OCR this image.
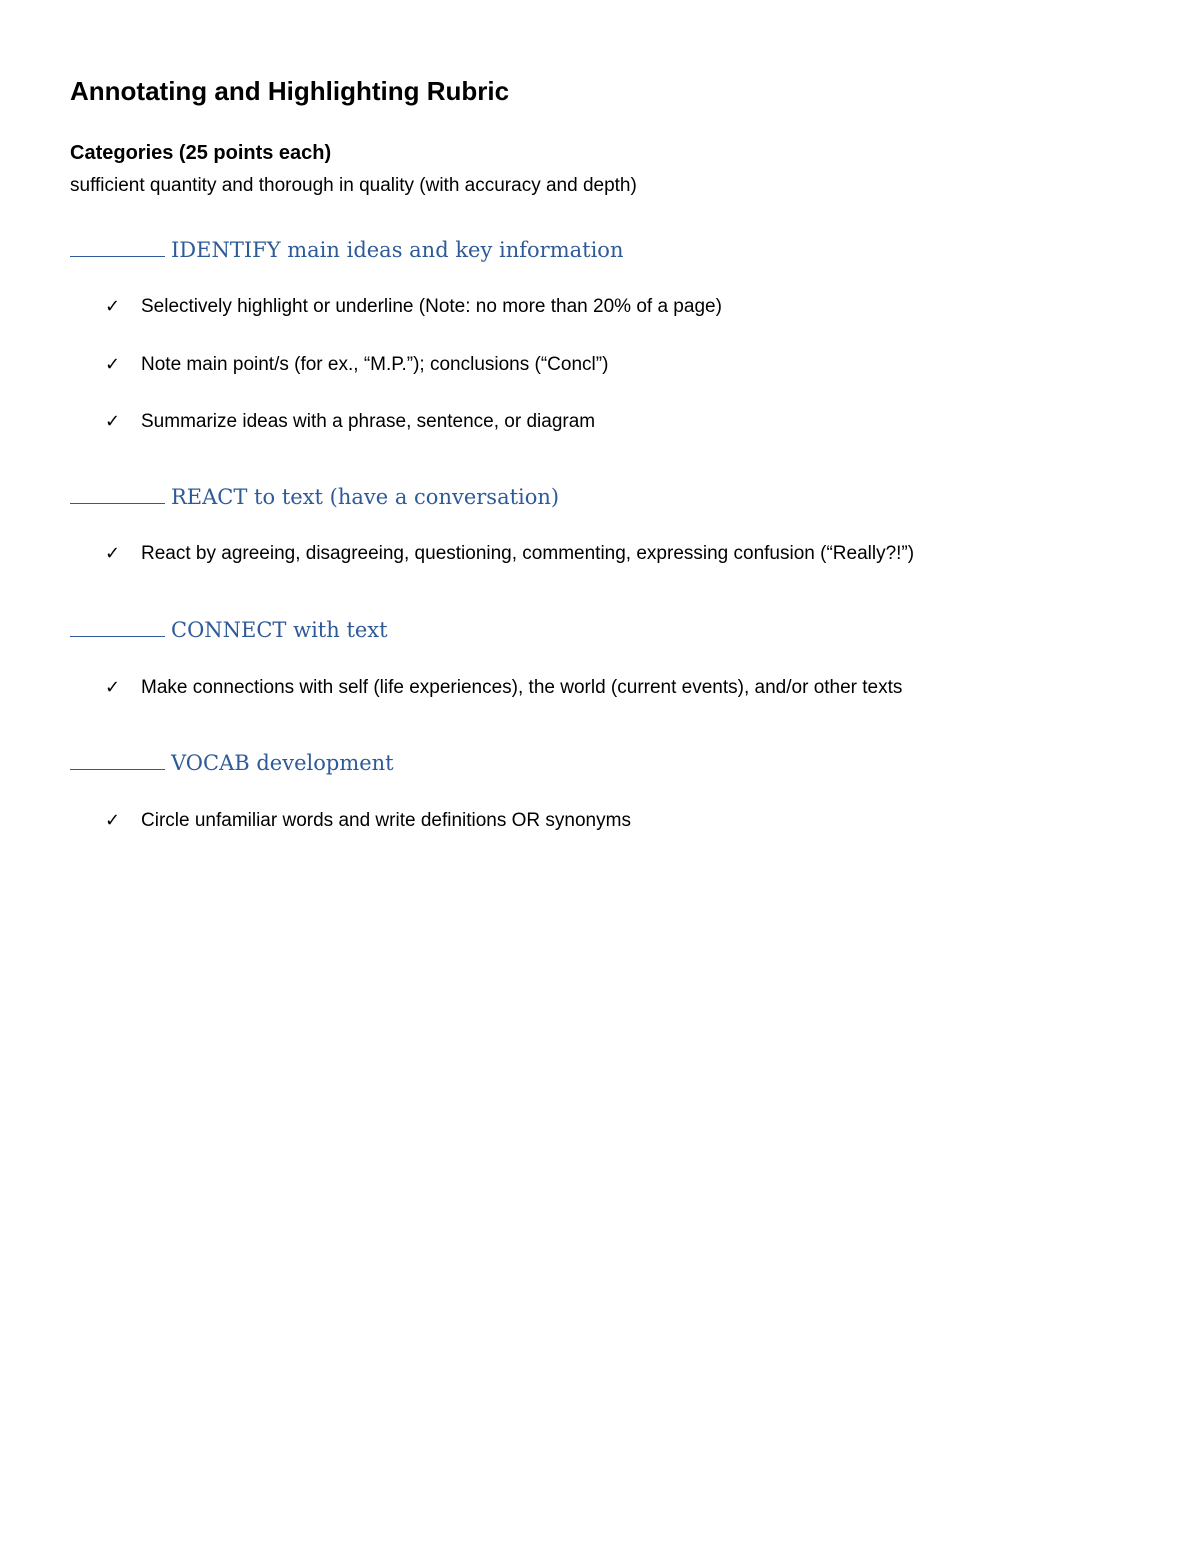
Annotating and Highlighting Rubric

Categories (25 points each)

sufficient quantity and thorough in quality (with accuracy and depth)

IDENTIFY main ideas and key information

✓ Selectively highlight or underline (Note: no more than 20% of a page)

✓ Note main point/s (for ex., “M.P.”); conclusions (“Concl”)

✓ Summarize ideas with a phrase, sentence, or diagram

REACT to text (have a conversation)

✓ React by agreeing, disagreeing, questioning, commenting, expressing confusion (“Really?!”)

CONNECT with text

✓ Make connections with self (life experiences), the world (current events), and/or other texts

VOCAB development

✓ Circle unfamiliar words and write definitions OR synonyms
